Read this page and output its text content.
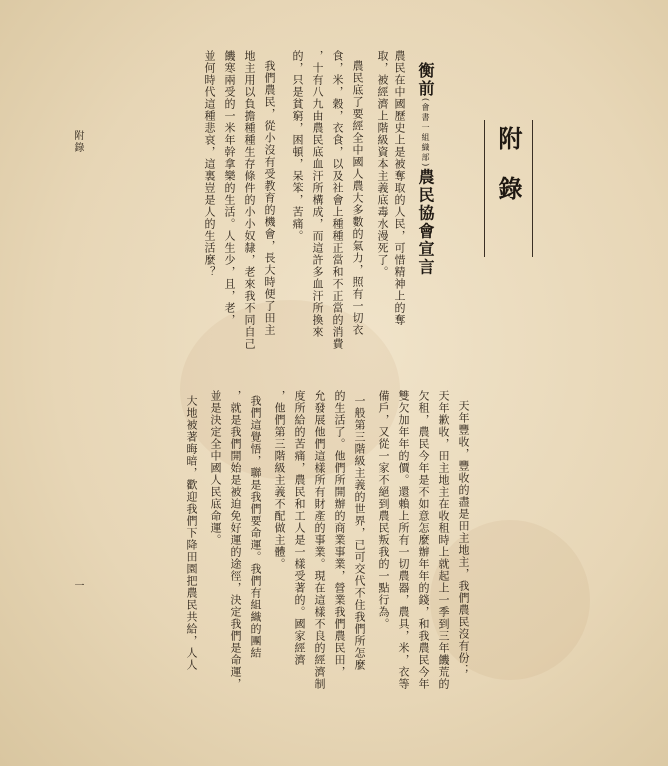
附錄
衡前(會書一組織部)農民協會宣言
農民在中國歷史上是被奪取的人民，可惜精神上的奪
取，被經濟上階級資本主義底毒水漫死了。
農民底了要經全中國人農大多數的氣力，照有一切衣
食，米，穀，衣食，以及社會上種種正當和不正當的消費
，十有八九由農民底血汗所構成，而這許多血汗所換來
的，只是貧窮，困頓，呆笨，苦痛。
我們農民，從小沒有受教育的機會，長大時便了田主
地主用以負擔種種生存條件的小小奴隸，老來我不同自己
饑寒兩受的一米年幹拿樂的生活。人生少，且，老，
並何時代這種悲哀，這裏豈是人的生活麼？
天年豐收，豐收的盡是田主地主，我們農民沒有份；
天年歉收，田主地主在收租時上就起上一季到三年饑荒的
欠租，農民今年是不如意怎麼辦年年的錢，和我農民今年
雙欠加年年的價。還賴上所有一切農器，農具，米，衣等
備戶，又從一家不絕到農民叛我的一點行為。
一般第三階級主義的世界，已可交代不住我們所怎麼
的生活了。他們所開辦的商業事業，營業我們農民田，
允發展他們這樣所有財產的事業。現在這樣不良的經濟制
度所給的苦痛，農民和工人是一樣受著的。國家經濟
，他們第三階級主義不配做主體。
我們這覺悟，聯是我們要命運。我們有組織的團結
，就是我們開始是被迫免好運的途徑，決定我們是命運，
並是決定全中國人民底命運。
大地被著晦暗，歡迎我們下降田園把農民共給，人人
附錄
一
